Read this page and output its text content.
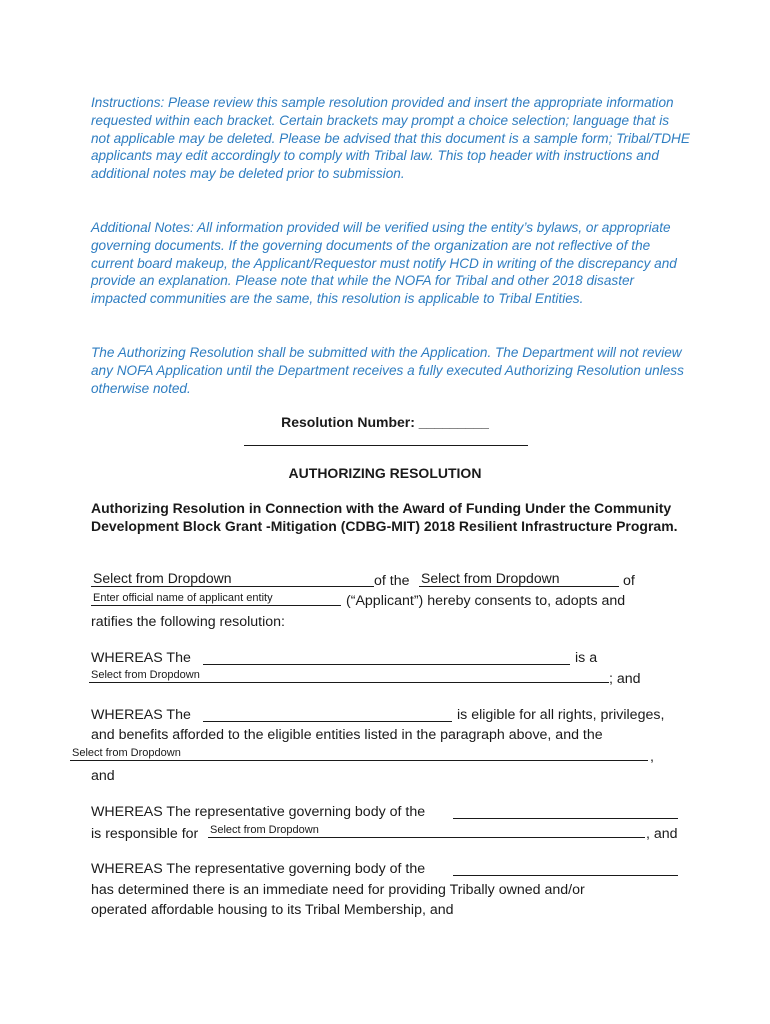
Instructions: Please review this sample resolution provided and insert the appropriate information requested within each bracket. Certain brackets may prompt a choice selection; language that is not applicable may be deleted. Please be advised that this document is a sample form; Tribal/TDHE applicants may edit accordingly to comply with Tribal law. This top header with instructions and additional notes may be deleted prior to submission.

Additional Notes: All information provided will be verified using the entity’s bylaws, or appropriate governing documents. If the governing documents of the organization are not reflective of the current board makeup, the Applicant/Requestor must notify HCD in writing of the discrepancy and provide an explanation. Please note that while the NOFA for Tribal and other 2018 disaster impacted communities are the same, this resolution is applicable to Tribal Entities.

The Authorizing Resolution shall be submitted with the Application. The Department will not review any NOFA Application until the Department receives a fully executed Authorizing Resolution unless otherwise noted.

Resolution Number: _________
AUTHORIZING RESOLUTION

Authorizing Resolution in Connection with the Award of Funding Under the Community Development Block Grant -Mitigation (CDBG-MIT) 2018 Resilient Infrastructure Program.

Select from Dropdown	of the Select from Dropdown	of
Enter official name of applicant entity	(“Applicant”) hereby consents to, adopts and
ratifies the following resolution:
WHEREAS The	is a
Select from Dropdown	; and
WHEREAS The	is eligible for all rights, privileges,
and benefits afforded to the eligible entities listed in the paragraph above, and the
Select from Dropdown	,
and
WHEREAS The representative governing body of the
is responsible for Select from Dropdown	, and
WHEREAS The representative governing body of the
has determined there is an immediate need for providing Tribally owned and/or
operated affordable housing to its Tribal Membership, and
